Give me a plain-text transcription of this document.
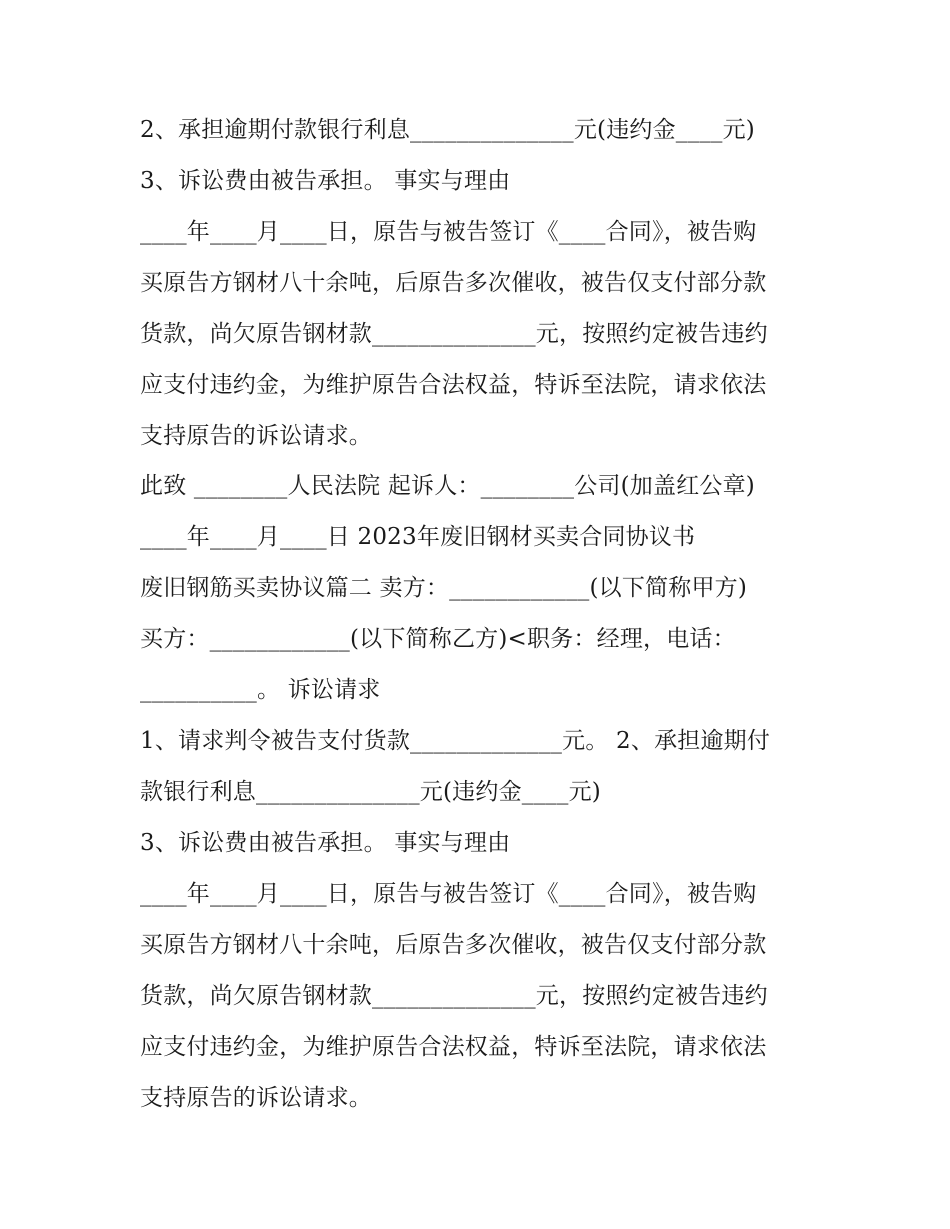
2、承担逾期付款银行利息______________元(违约金____元)
3、诉讼费由被告承担。 事实与理由
____年____月____日，原告与被告签订《____合同》，被告购
买原告方钢材八十余吨，后原告多次催收，被告仅支付部分款
货款，尚欠原告钢材款______________元，按照约定被告违约
应支付违约金，为维护原告合法权益，特诉至法院，请求依法
支持原告的诉讼请求。
此致 ________人民法院 起诉人：________公司(加盖红公章)
____年____月____日 2023年废旧钢材买卖合同协议书
废旧钢筋买卖协议篇二 卖方：____________(以下简称甲方)
买方：____________(以下简称乙方)<职务：经理，电话：
__________。 诉讼请求
1、请求判令被告支付货款_____________元。 2、承担逾期付
款银行利息______________元(违约金____元)
3、诉讼费由被告承担。 事实与理由
____年____月____日，原告与被告签订《____合同》，被告购
买原告方钢材八十余吨，后原告多次催收，被告仅支付部分款
货款，尚欠原告钢材款______________元，按照约定被告违约
应支付违约金，为维护原告合法权益，特诉至法院，请求依法
支持原告的诉讼请求。
